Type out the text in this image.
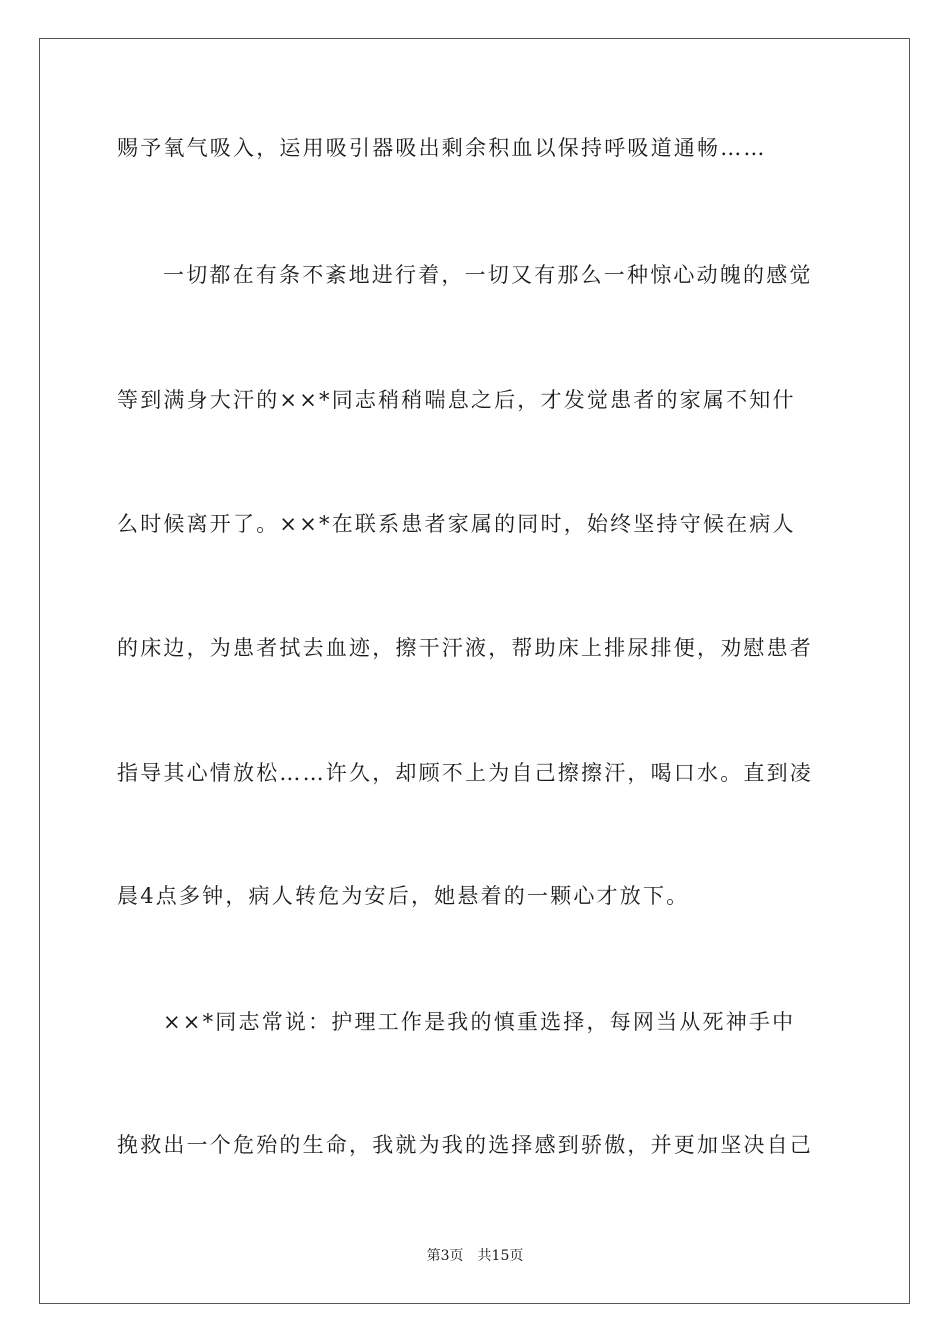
赐予氧气吸入，运用吸引器吸出剩余积血以保持呼吸道通畅……

一切都在有条不紊地进行着，一切又有那么一种惊心动魄的感觉

等到满身大汗的××*同志稍稍喘息之后，才发觉患者的家属不知什

么时候离开了。××*在联系患者家属的同时，始终坚持守候在病人

的床边，为患者拭去血迹，擦干汗液，帮助床上排尿排便，劝慰患者

指导其心情放松……许久，却顾不上为自己擦擦汗，喝口水。直到凌

晨4点多钟，病人转危为安后，她悬着的一颗心才放下。

××*同志常说：护理工作是我的慎重选择，每网当从死神手中

挽救出一个危殆的生命，我就为我的选择感到骄傲，并更加坚决自己

第3页 共15页
